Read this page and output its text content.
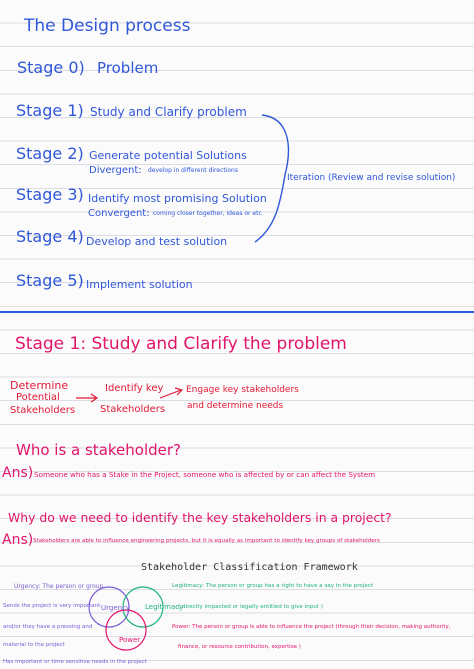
The Design process
Stage 0) Problem
Stage 1) Study and Clarify problem
Stage 2) Generate potential Solutions
Divergent: develop in different directions
Stage 3) Identify most promising Solution
Convergent: coming closer together, ideas or etc
Stage 4) Develop and test solution
Stage 5) Implement solution
Iteration (Review and revise solution)
Stage 1: Study and Clarify the problem
Determine
Potential
Stakeholders
Identify key
Stakeholders
Engage key stakeholders
and determine needs
Who is a stakeholder?
Ans) Someone who has a Stake in the Project, someone who is affected by or can affect the System
Why do we need to identify the key stakeholders in a project?
Ans) Stakeholders are able to influence engineering projects, but it is equally as important to identify key groups of stakeholders
Stakeholder Classification Framework
Urgency: The person or group
Sends the project is very important
and/or they have a pressing and
material to the project
Has important or time sensitive needs in the project
Legitimacy: The person or group has a right to have a say in the project
( directly impacted or legally entitled to give input )
Power: The person or group is able to influence the project (through their decision, making authority,
finance, or resource contribution, expertise )
Urgency Legitimacy
Power
